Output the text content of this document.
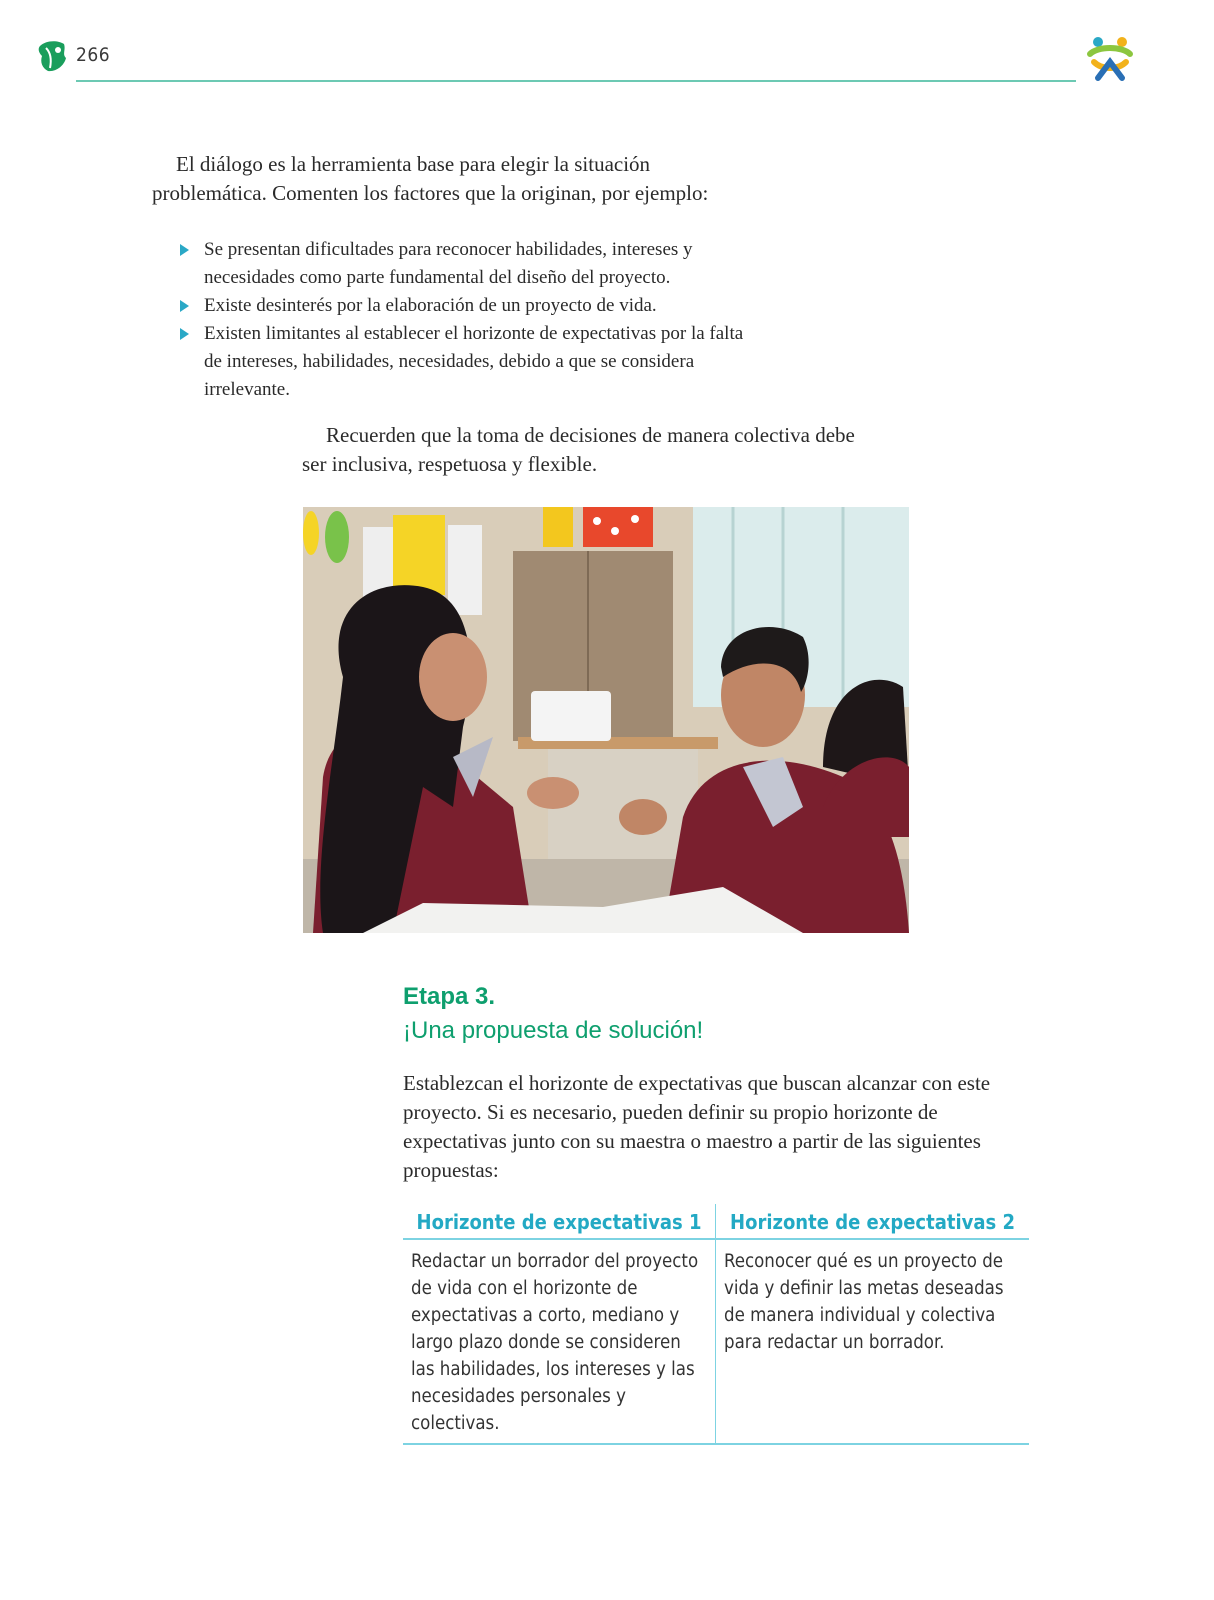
266

El diálogo es la herramienta base para elegir la situación problemática. Comenten los factores que la originan, por ejemplo:

Se presentan dificultades para reconocer habilidades, intereses y necesidades como parte fundamental del diseño del proyecto.
Existe desinterés por la elaboración de un proyecto de vida.
Existen limitantes al establecer el horizonte de expectativas por la falta de intereses, habilidades, necesidades, debido a que se considera irrelevante.

Recuerden que la toma de decisiones de manera colectiva debe ser inclusiva, respetuosa y flexible.

Etapa 3.

¡Una propuesta de solución!

Establezcan el horizonte de expectativas que buscan alcanzar con este proyecto. Si es necesario, pueden definir su propio horizonte de expectativas junto con su maestra o maestro a partir de las siguientes propuestas:

Horizonte de expectativas 1	Horizonte de expectativas 2
Redactar un borrador del proyecto de vida con el horizonte de expectativas a corto, mediano y largo plazo donde se consideren las habilidades, los intereses y las necesidades personales y colectivas.	Reconocer qué es un proyecto de vida y definir las metas deseadas de manera individual y colectiva para redactar un borrador.
